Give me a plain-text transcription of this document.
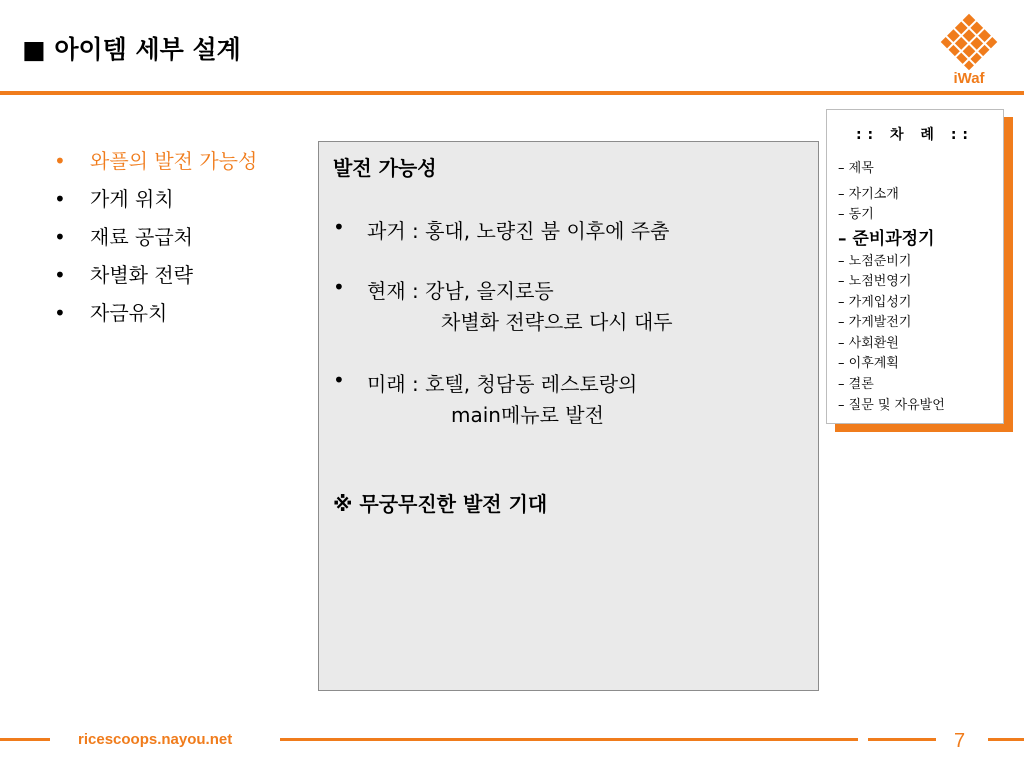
■ 아이템 세부 설계
iWaf
• 와플의 발전 가능성
• 가게 위치
• 재료 공급처
• 차별화 전략
• 자금유치
발전 가능성
• 과거 : 홍대, 노량진 붐 이후에 주춤
• 현재 : 강남, 을지로등
차별화 전략으로 다시 대두
• 미래 : 호텔, 청담동 레스토랑의
main메뉴로 발전
※ 무궁무진한 발전 기대
:: 차 례 ::
– 제목
– 자기소개
– 동기
– 준비과정기
– 노점준비기
– 노점번영기
– 가게입성기
– 가게발전기
– 사회환원
– 이후계획
– 결론
– 질문 및 자유발언
ricescoops.nayou.net	7
